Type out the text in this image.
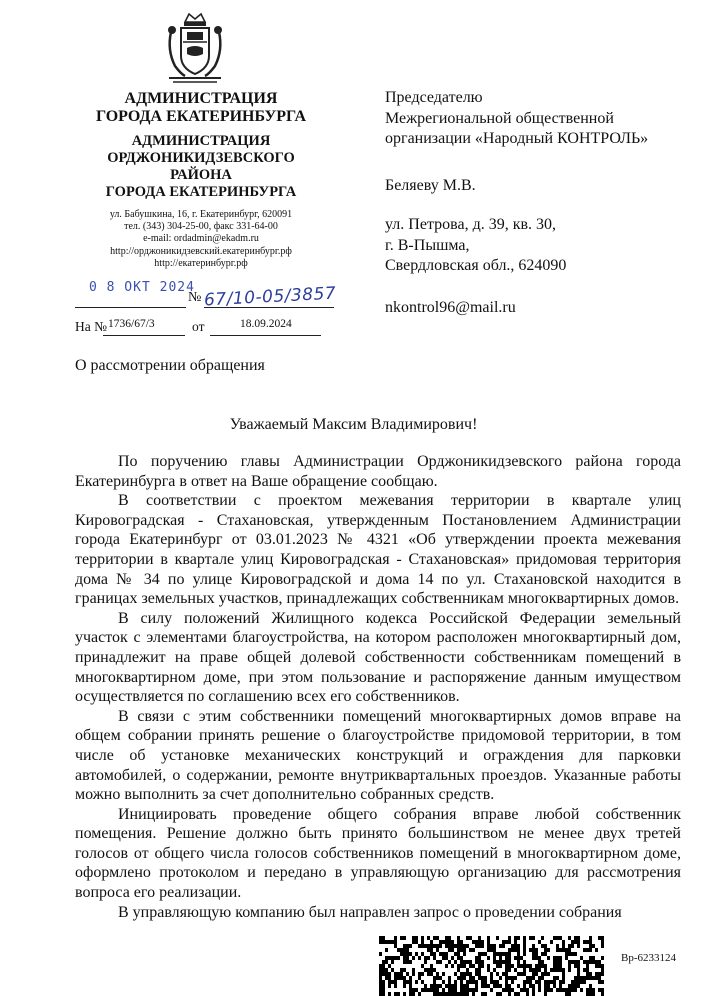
АДМИНИСТРАЦИЯ
ГОРОДА ЕКАТЕРИНБУРГА
АДМИНИСТРАЦИЯ
ОРДЖОНИКИДЗЕВСКОГО
РАЙОНА
ГОРОДА ЕКАТЕРИНБУРГА
ул. Бабушкина, 16, г. Екатеринбург, 620091
тел. (343) 304-25-00, факс 331-64-00
e-mail: ordadmin@ekadm.ru
http://орджоникидзевский.екатеринбург.рф
http://екатеринбург.рф
0 8 ОКТ 2024
№ 67/10-05/3857
На № 1736/67/3	от	18.09.2024
Председателю
Межрегиональной общественной
организации «Народный КОНТРОЛЬ»
Беляеву М.В.
ул. Петрова, д. 39, кв. 30,
г. В-Пышма,
Свердловская обл., 624090
nkontrol96@mail.ru
О рассмотрении обращения
Уважаемый Максим Владимирович!

По поручению главы Администрации Орджоникидзевского района города Екатеринбурга в ответ на Ваше обращение сообщаю.

В соответствии с проектом межевания территории в квартале улиц Кировоградская - Стахановская, утвержденным Постановлением Администрации города Екатеринбург от 03.01.2023 № 4321 «Об утверждении проекта межевания территории в квартале улиц Кировоградская - Стахановская» придомовая территория дома № 34 по улице Кировоградской и дома 14 по ул. Стахановской находится в границах земельных участков, принадлежащих собственникам многоквартирных домов.

В силу положений Жилищного кодекса Российской Федерации земельный участок с элементами благоустройства, на котором расположен многоквартирный дом, принадлежит на праве общей долевой собственности собственникам помещений в многоквартирном доме, при этом пользование и распоряжение данным имуществом осуществляется по соглашению всех его собственников.

В связи с этим собственники помещений многоквартирных домов вправе на общем собрании принять решение о благоустройстве придомовой территории, в том числе об установке механических конструкций и ограждения для парковки автомобилей, о содержании, ремонте внутриквартальных проездов. Указанные работы можно выполнить за счет дополнительно собранных средств.

Инициировать проведение общего собрания вправе любой собственник помещения. Решение должно быть принято большинством не менее двух третей голосов от общего числа голосов собственников помещений в многоквартирном доме, оформлено протоколом и передано в управляющую организацию для рассмотрения вопроса его реализации.

В управляющую компанию был направлен запрос о проведении собрания

Вр-6233124
